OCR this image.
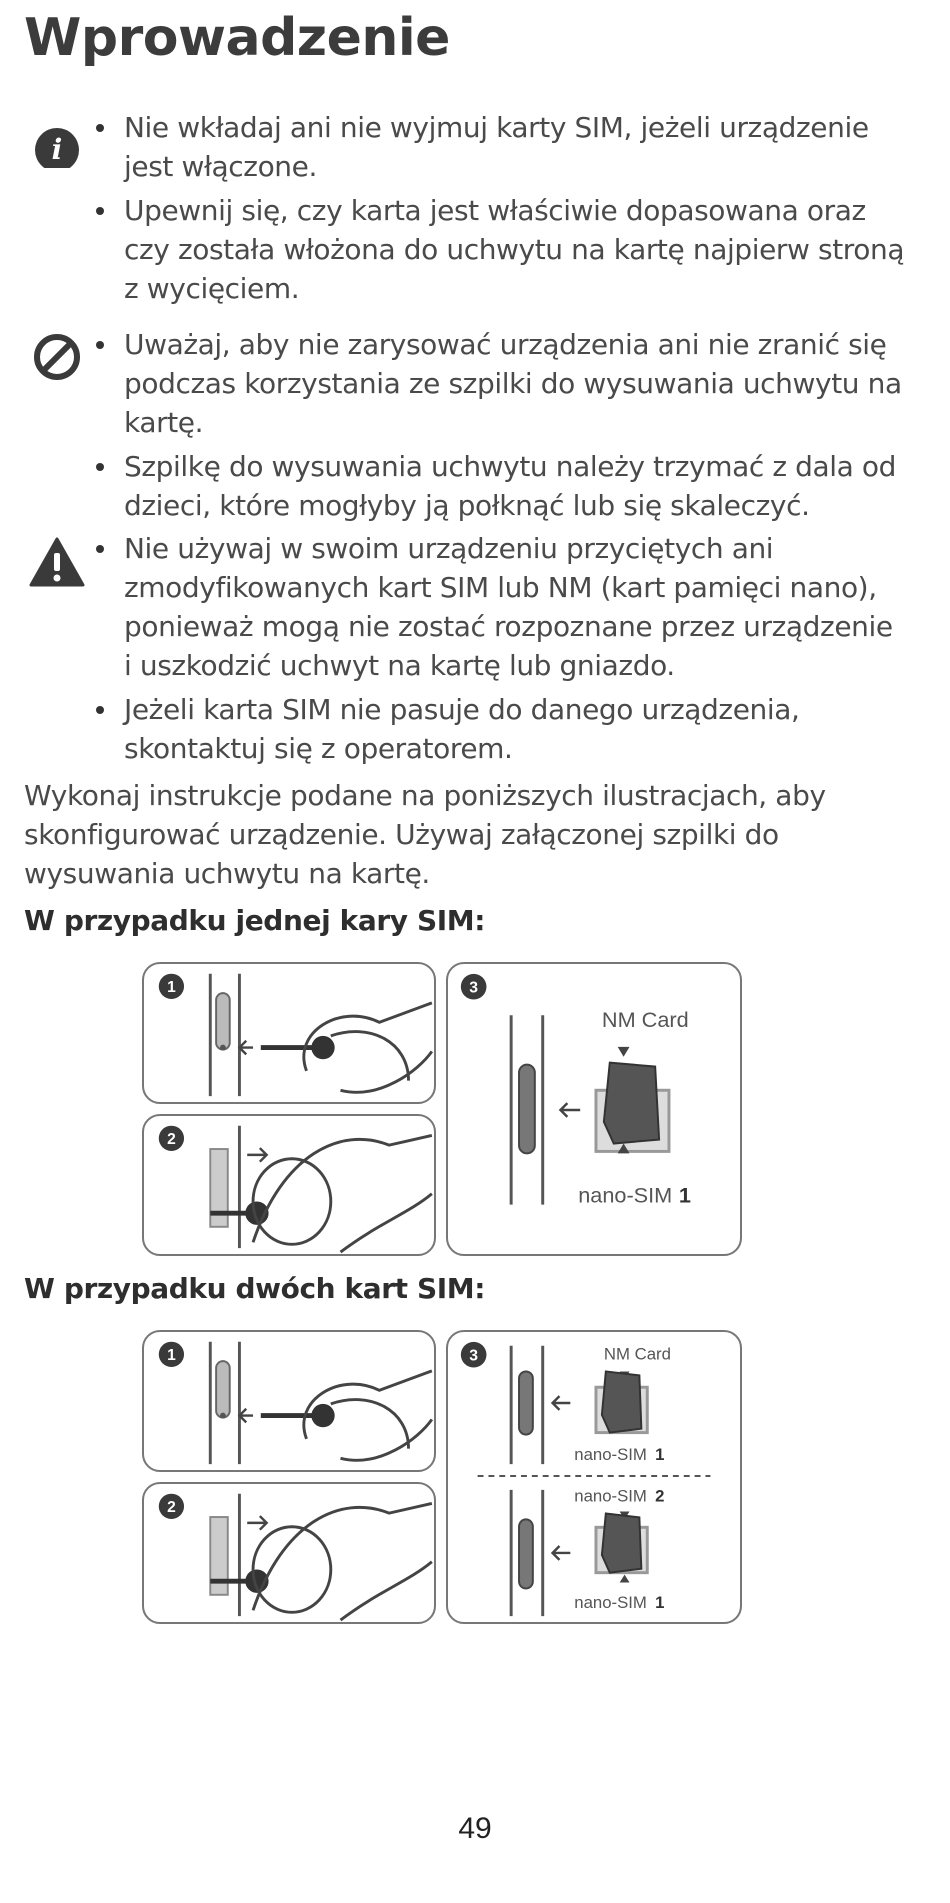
Wprowadzenie
i
Nie wkładaj ani nie wyjmuj karty SIM, jeżeli urządzenie jest włączone.
Upewnij się, czy karta jest właściwie dopasowana oraz czy została włożona do uchwytu na kartę najpierw stroną z wycięciem.
Uważaj, aby nie zarysować urządzenia ani nie zranić się podczas korzystania ze szpilki do wysuwania uchwytu na kartę.
Szpilkę do wysuwania uchwytu należy trzymać z dala od dzieci, które mogłyby ją połknąć lub się skaleczyć.
Nie używaj w swoim urządzeniu przyciętych ani zmodyfikowanych kart SIM lub NM (kart pamięci nano), ponieważ mogą nie zostać rozpoznane przez urządzenie i uszkodzić uchwyt na kartę lub gniazdo.
Jeżeli karta SIM nie pasuje do danego urządzenia, skontaktuj się z operatorem.

Wykonaj instrukcje podane na poniższych ilustracjach, aby skonfigurować urządzenie. Używaj załączonej szpilki do wysuwania uchwytu na kartę.

W przypadku jednej kary SIM:
1
2
3
NM Card
nano-SIM 1
W przypadku dwóch kart SIM:
1
2
3	NM Card
nano-SIM 1
nano-SIM 2
nano-SIM 1
49
